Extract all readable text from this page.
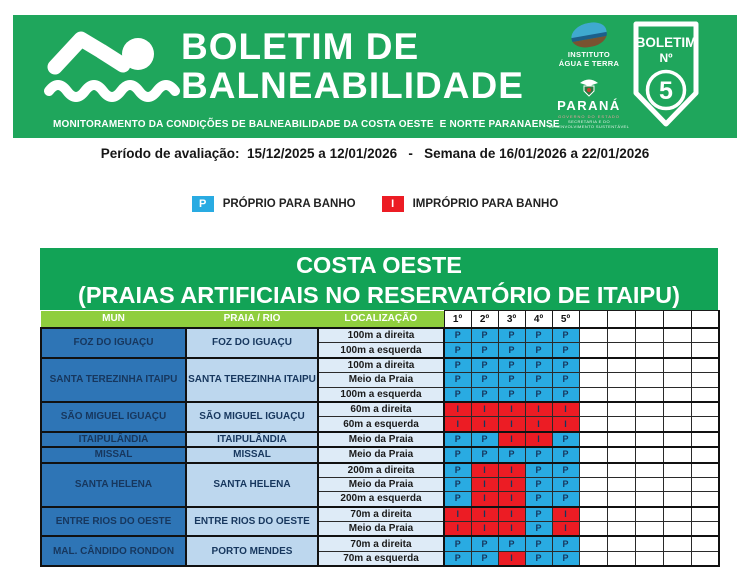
BOLETIM DE
BALNEABILIDADE
MONITORAMENTO DA CONDIÇÕES DE BALNEABILIDADE DA COSTA OESTE  E NORTE PARANAENSE
INSTITUTO
ÁGUA E TERRA
PARANÁ
GOVERNO DO ESTADO
SECRETARIA E DO
DESENVOLVIMENTO SUSTENTÁVEL
BOLETIM
Nº
5
Período de avaliação:  15/12/2025 a 12/01/2026   -   Semana de 16/01/2026 a 22/01/2026
P	PRÓPRIO PARA BANHO	I	IMPRÓPRIO PARA BANHO
COSTA OESTE
(PRAIAS ARTIFICIAIS NO RESERVATÓRIO DE ITAIPU)
MUN	PRAIA / RIO	LOCALIZAÇÃO	1º	2º	3º	4º	5º					
FOZ DO IGUAÇU	FOZ DO IGUAÇU	100m a direita	P	P	P	P	P					
		100m a esquerda	P	P	P	P	P					
SANTA TEREZINHA ITAIPU	SANTA TEREZINHA ITAIPU	100m a direita	P	P	P	P	P					
		Meio da Praia	P	P	P	P	P					
		100m a esquerda	P	P	P	P	P					
SÃO MIGUEL IGUAÇU	SÃO MIGUEL IGUAÇU	60m a direita	I	I	I	I	I					
		60m a esquerda	I	I	I	I	I					
ITAIPULÂNDIA	ITAIPULÂNDIA	Meio da Praia	P	P	I	I	P					
MISSAL	MISSAL	Meio da Praia	P	P	P	P	P					
SANTA HELENA	SANTA HELENA	200m a direita	P	I	I	P	P					
		Meio da Praia	P	I	I	P	P					
		200m a esquerda	P	I	I	P	P					
ENTRE RIOS DO OESTE	ENTRE RIOS DO OESTE	70m a direita	I	I	I	P	I					
		Meio da Praia	I	I	I	P	I					
MAL. CÂNDIDO RONDON	PORTO MENDES	70m a direita	P	P	P	P	P					
		70m a esquerda	P	P	I	P	P					
